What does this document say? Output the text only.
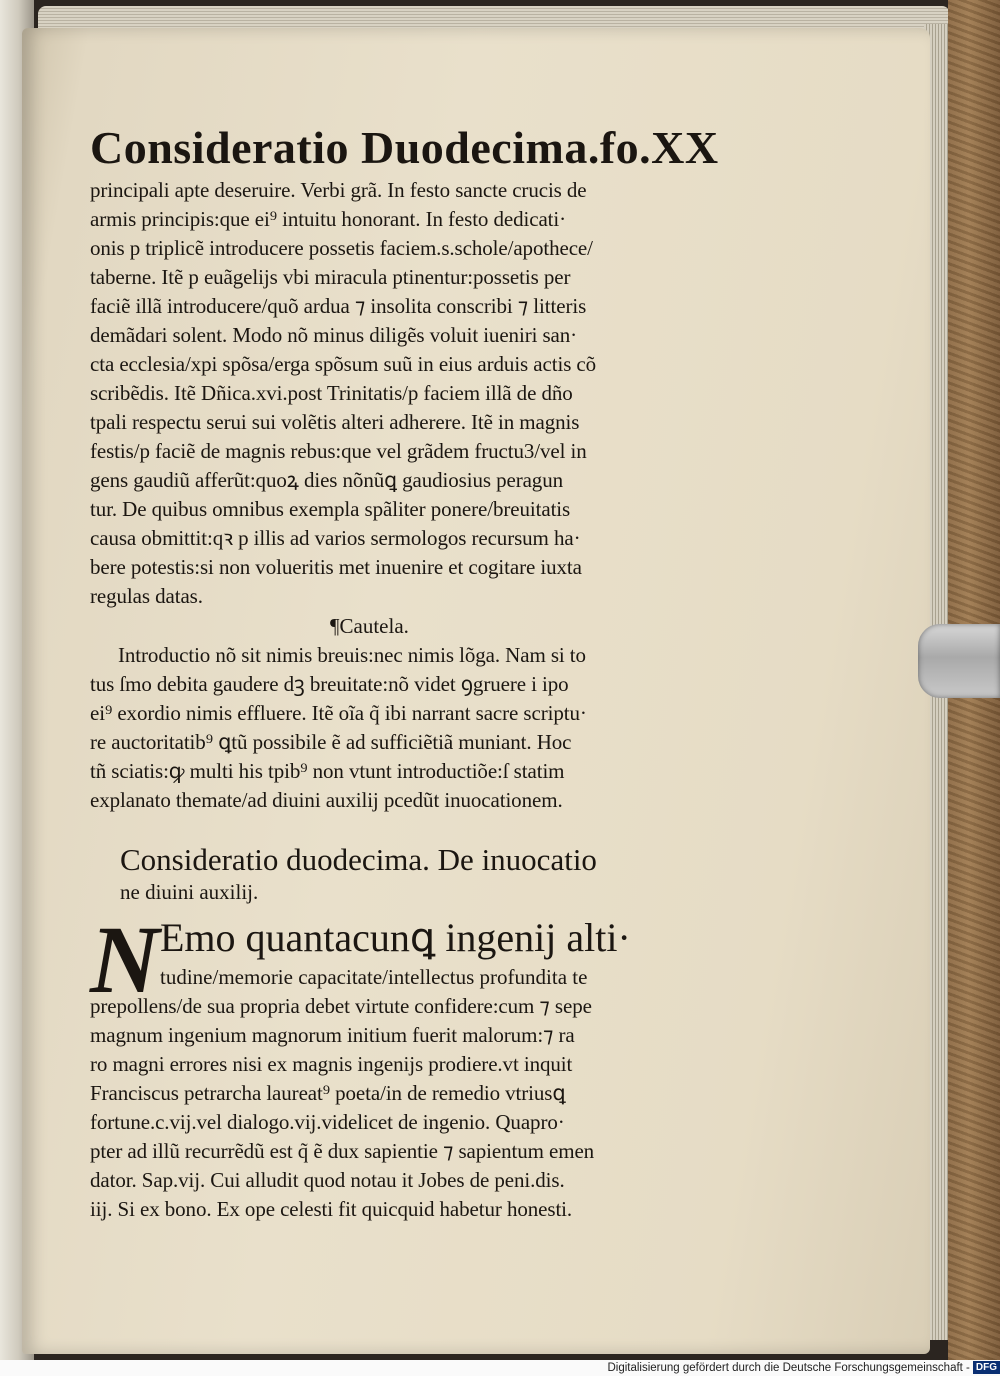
Consideratio Duodecima.fo.XX
principali apte deseruire. Verbi grã. In festo sancte crucis de
armis principis:que ei⁹ intuitu honorant. In festo dedicati·
onis p triplicẽ introducere possetis faciem.s.schole/apothece/
taberne. Itẽ p euãgelijs vbi miracula ptinentur:possetis per
faciẽ illã introducere/quõ ardua ⁊ insolita conscribi ⁊ litteris
demãdari solent. Modo nõ minus diligẽs voluit iueniri san·
cta ecclesia/xpi spõsa/erga spõsum suũ in eius arduis actis cõ
scribẽdis. Itẽ Dñica.xvi.post Trinitatis/p faciem illã de dño
tpali respectu serui sui volẽtis alteri adherere. Itẽ in magnis
festis/p faciẽ de magnis rebus:que vel grãdem fructu3/vel in
gens gaudiũ afferũt:quoꝝ dies nõnũꝗ gaudiosius peragun
tur. De quibus omnibus exempla spãliter ponere/breuitatis
causa obmittit:qꝛ p illis ad varios sermologos recursum ha·
bere potestis:si non volueritis met inuenire et cogitare iuxta
regulas datas.
¶Cautela.
Introductio nõ sit nimis breuis:nec nimis lõga. Nam si to
tus ſmo debita gaudere dꝫ breuitate:nõ videt ꝯgruere i ipo
ei⁹ exordio nimis effluere. Itẽ oĩa q̃ ibi narrant sacre scriptu·
re auctoritatib⁹ ꝗtũ possibile ẽ ad sufficiẽtiã muniant. Hoc
tñ sciatis:ꝙ multi his tpib⁹ non vtunt introductiõe:ſ statim
explanato themate/ad diuini auxilij pcedũt inuocationem.
Consideratio duodecima. De inuocatio
ne diuini auxilij.
N Emo quantacunꝗ ingenij alti·
tudine/memorie capacitate/intellectus profundita te
prepollens/de sua propria debet virtute confidere:cum ⁊ sepe
magnum ingenium magnorum initium fuerit malorum:⁊ ra
ro magni errores nisi ex magnis ingenijs prodiere.vt inquit
Franciscus petrarcha laureat⁹ poeta/in de remedio vtriusꝗ
fortune.c.vij.vel dialogo.vij.videlicet de ingenio. Quapro·
pter ad illũ recurrẽdũ est q̃ ẽ dux sapientie ⁊ sapientum emen
dator. Sap.vij. Cui alludit quod notau it Jobes de peni.dis.
iij. Si ex bono. Ex ope celesti fit quicquid habetur honesti.
Digitalisierung gefördert durch die Deutsche Forschungsgemeinschaft - DFG
